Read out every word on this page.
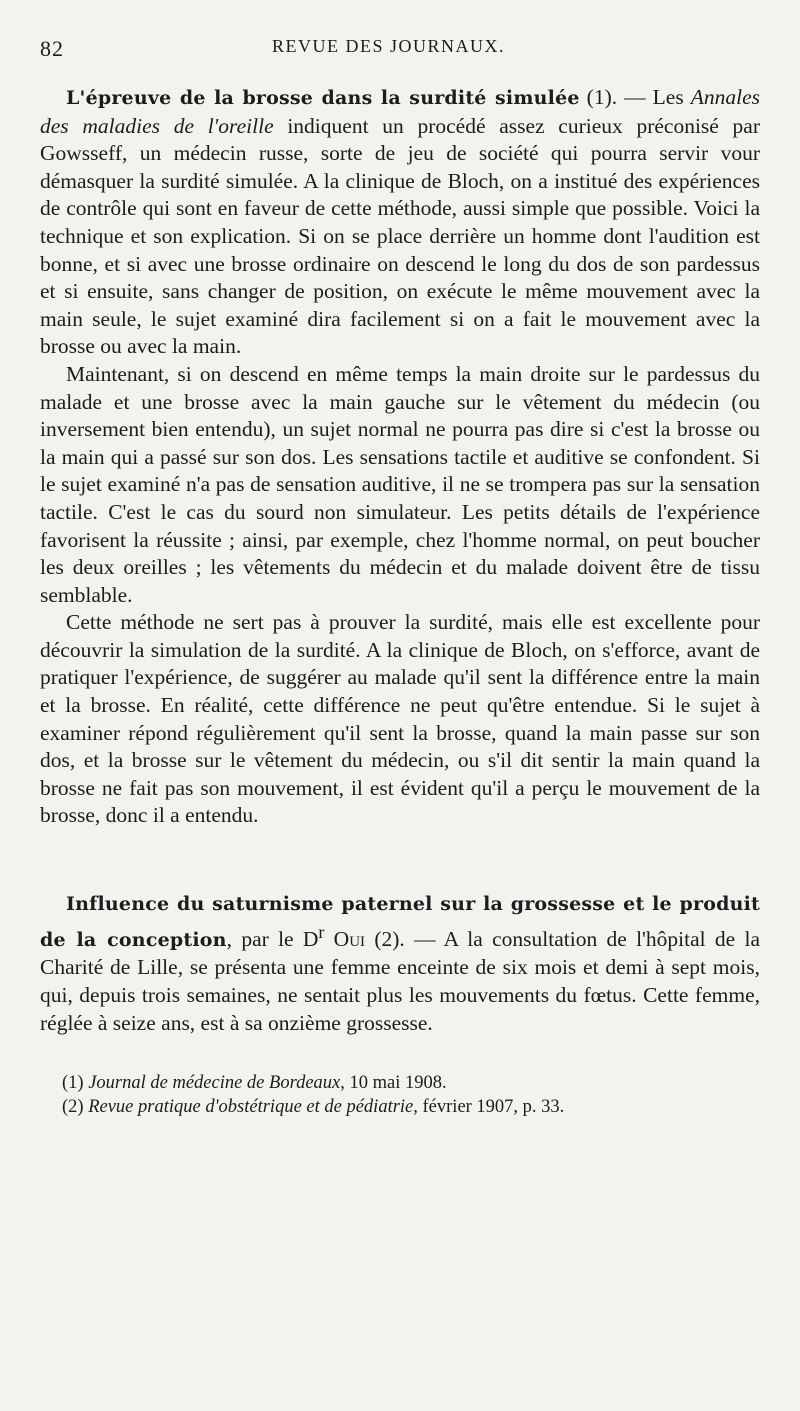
82	REVUE DES JOURNAUX.

L'épreuve de la brosse dans la surdité simulée (1). — Les Annales des maladies de l'oreille indiquent un procédé assez curieux préconisé par Gowsseff, un médecin russe, sorte de jeu de société qui pourra servir vour démasquer la surdité simulée. A la clinique de Bloch, on a institué des expériences de contrôle qui sont en faveur de cette méthode, aussi simple que possible. Voici la technique et son explication. Si on se place derrière un homme dont l'audition est bonne, et si avec une brosse ordinaire on descend le long du dos de son pardessus et si ensuite, sans changer de position, on exécute le même mouvement avec la main seule, le sujet examiné dira facilement si on a fait le mouvement avec la brosse ou avec la main.

Maintenant, si on descend en même temps la main droite sur le pardessus du malade et une brosse avec la main gauche sur le vêtement du médecin (ou inversement bien entendu), un sujet normal ne pourra pas dire si c'est la brosse ou la main qui a passé sur son dos. Les sensations tactile et auditive se confondent. Si le sujet examiné n'a pas de sensation auditive, il ne se trompera pas sur la sensation tactile. C'est le cas du sourd non simulateur. Les petits détails de l'expérience favorisent la réussite ; ainsi, par exemple, chez l'homme normal, on peut boucher les deux oreilles ; les vêtements du médecin et du malade doivent être de tissu semblable.

Cette méthode ne sert pas à prouver la surdité, mais elle est excellente pour découvrir la simulation de la surdité. A la clinique de Bloch, on s'efforce, avant de pratiquer l'expérience, de suggérer au malade qu'il sent la différence entre la main et la brosse. En réalité, cette différence ne peut qu'être entendue. Si le sujet à examiner répond régulièrement qu'il sent la brosse, quand la main passe sur son dos, et la brosse sur le vêtement du médecin, ou s'il dit sentir la main quand la brosse ne fait pas son mouvement, il est évident qu'il a perçu le mouvement de la brosse, donc il a entendu.

Influence du saturnisme paternel sur la grossesse et le produit de la conception, par le $D^r$ Oui (2). — A la consultation de l'hôpital de la Charité de Lille, se présenta une femme enceinte de six mois et demi à sept mois, qui, depuis trois semaines, ne sentait plus les mouvements du fœtus. Cette femme, réglée à seize ans, est à sa onzième grossesse.

(1) Journal de médecine de Bordeaux, 10 mai 1908.
(2) Revue pratique d'obstétrique et de pédiatrie, février 1907, p. 33.
